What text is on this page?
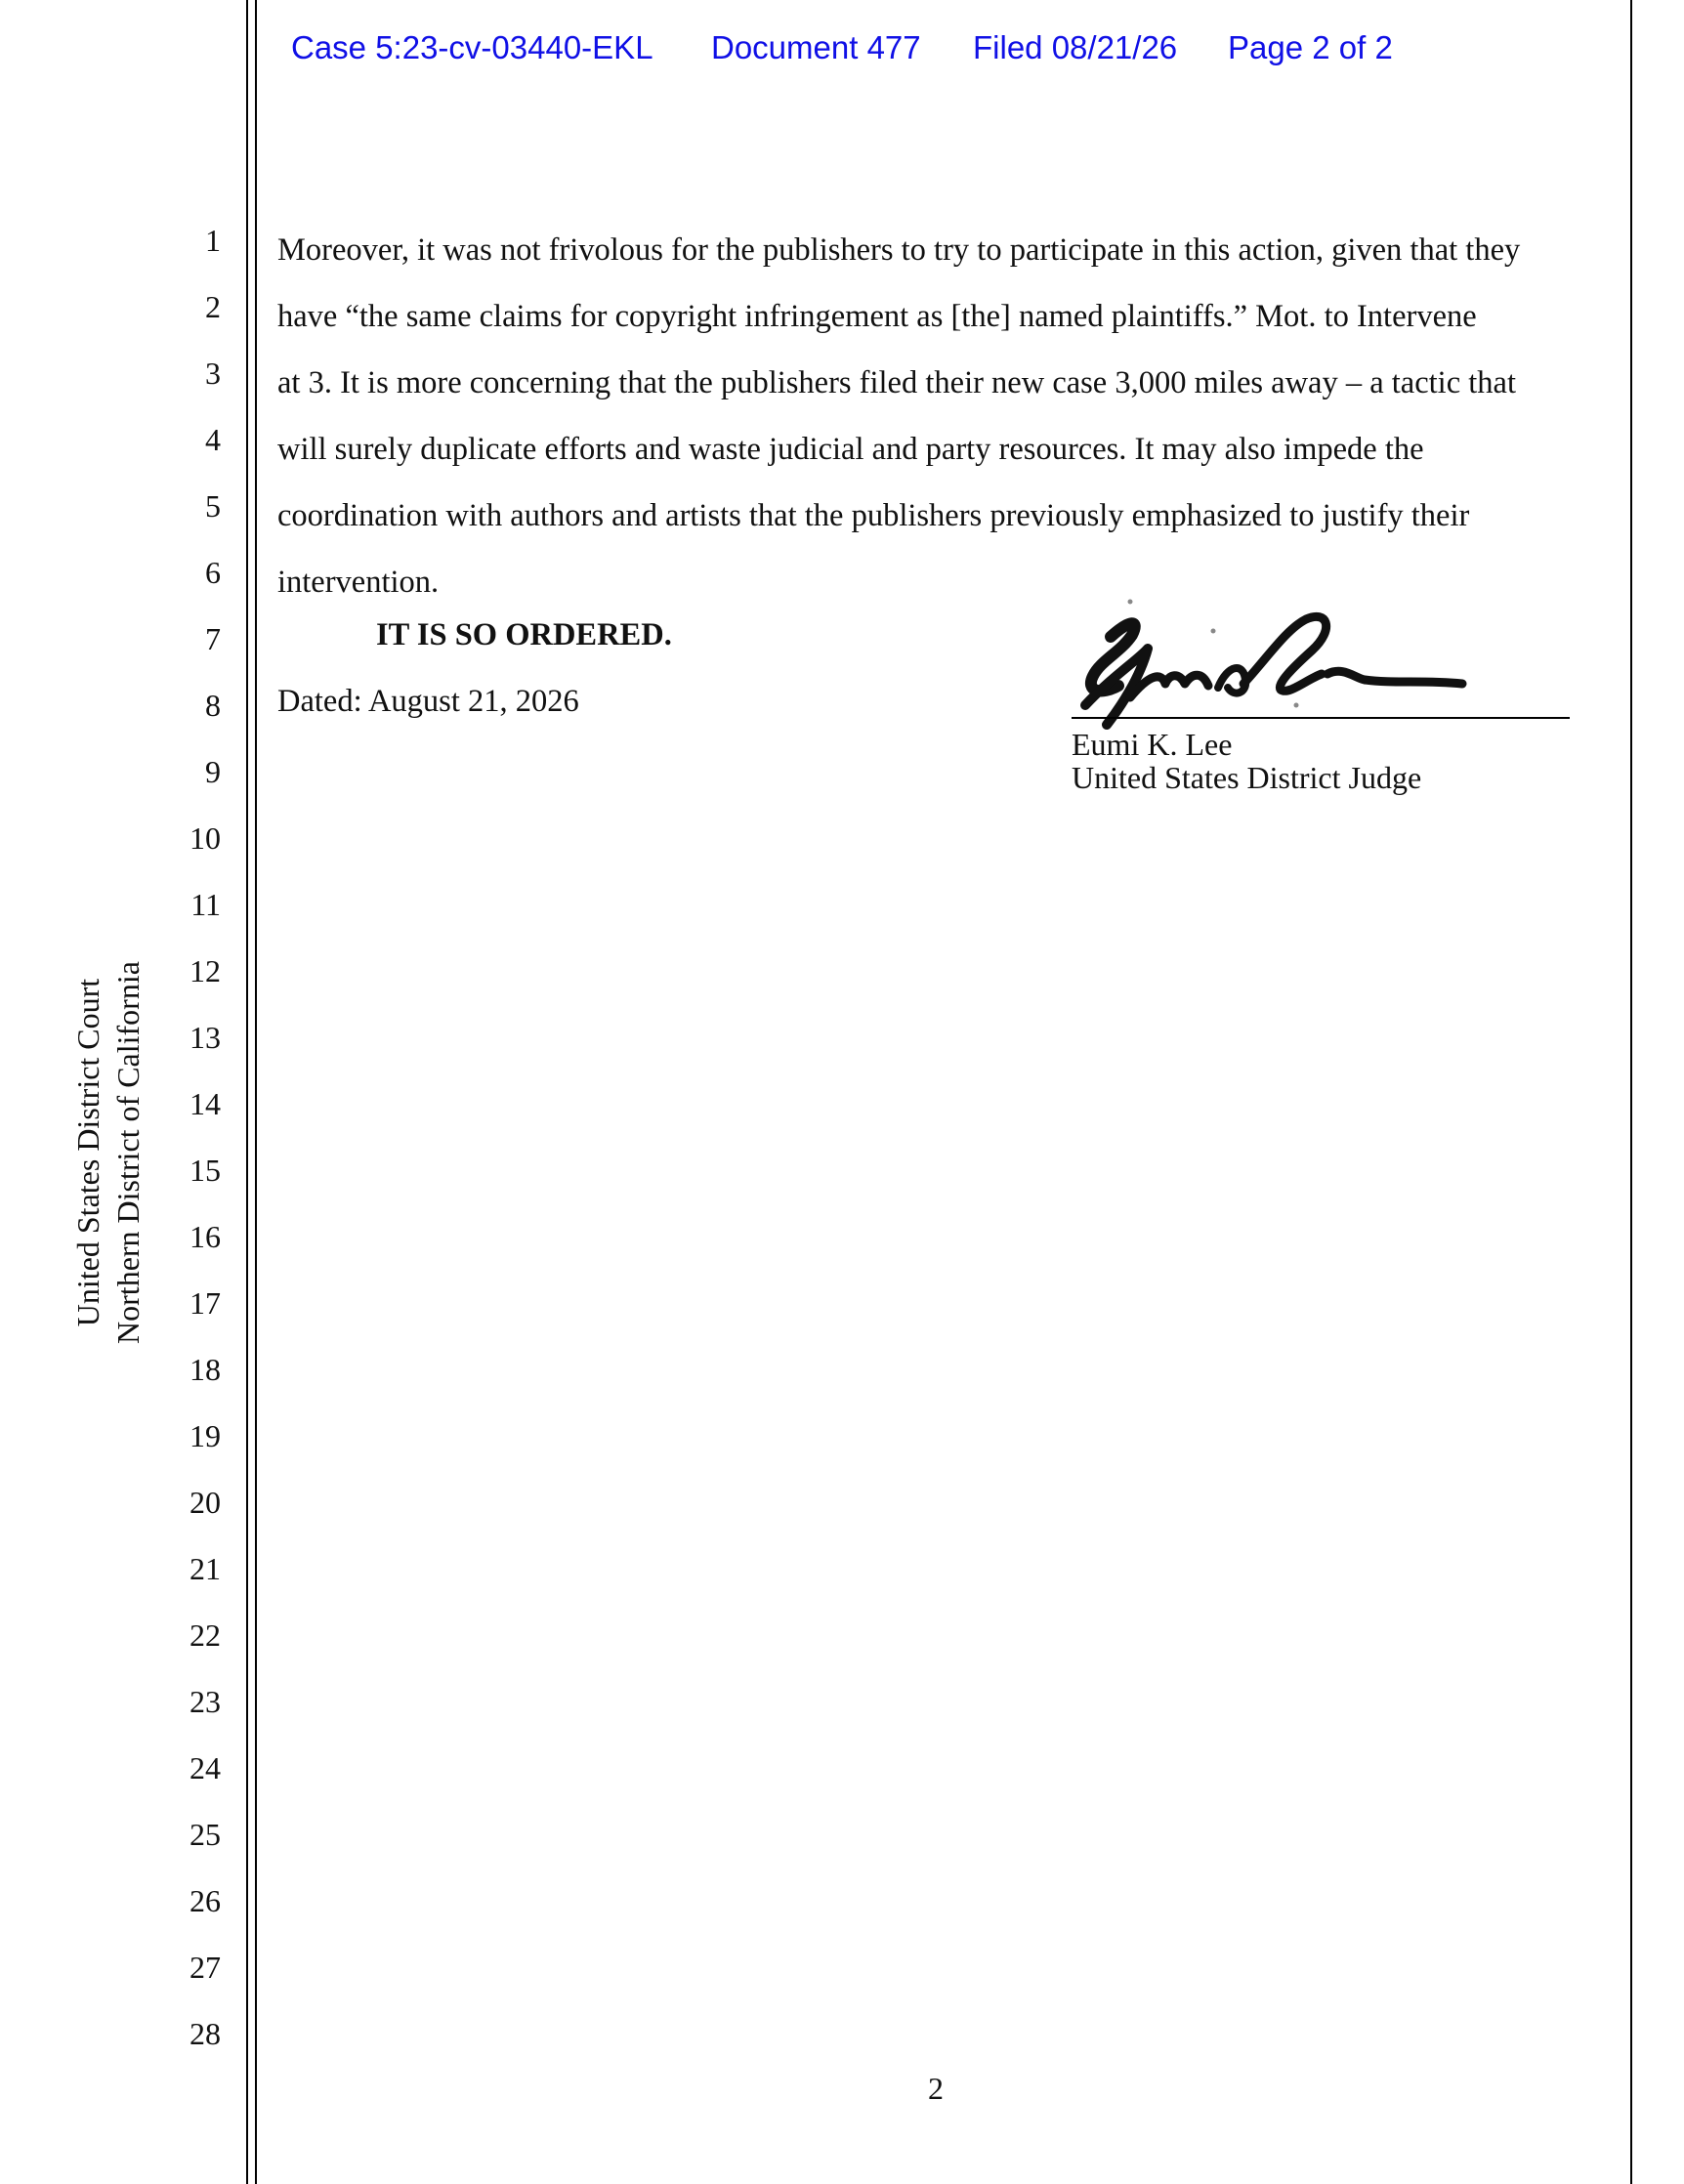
Case 5:23-cv-03440-EKL Document 477 Filed 08/21/26 Page 2 of 2
United States District Court Northern District of California
1
2
3
4
5
6
7
8
9
10
11
12
13
14
15
16
17
18
19
20
21
22
23
24
25
26
27
28
Moreover, it was not frivolous for the publishers to try to participate in this action, given that they
have “the same claims for copyright infringement as [the] named plaintiffs.” Mot. to Intervene
at 3. It is more concerning that the publishers filed their new case 3,000 miles away – a tactic that
will surely duplicate efforts and waste judicial and party resources. It may also impede the
coordination with authors and artists that the publishers previously emphasized to justify their
intervention.
IT IS SO ORDERED.
Dated: August 21, 2026
Eumi K. Lee
United States District Judge
2
